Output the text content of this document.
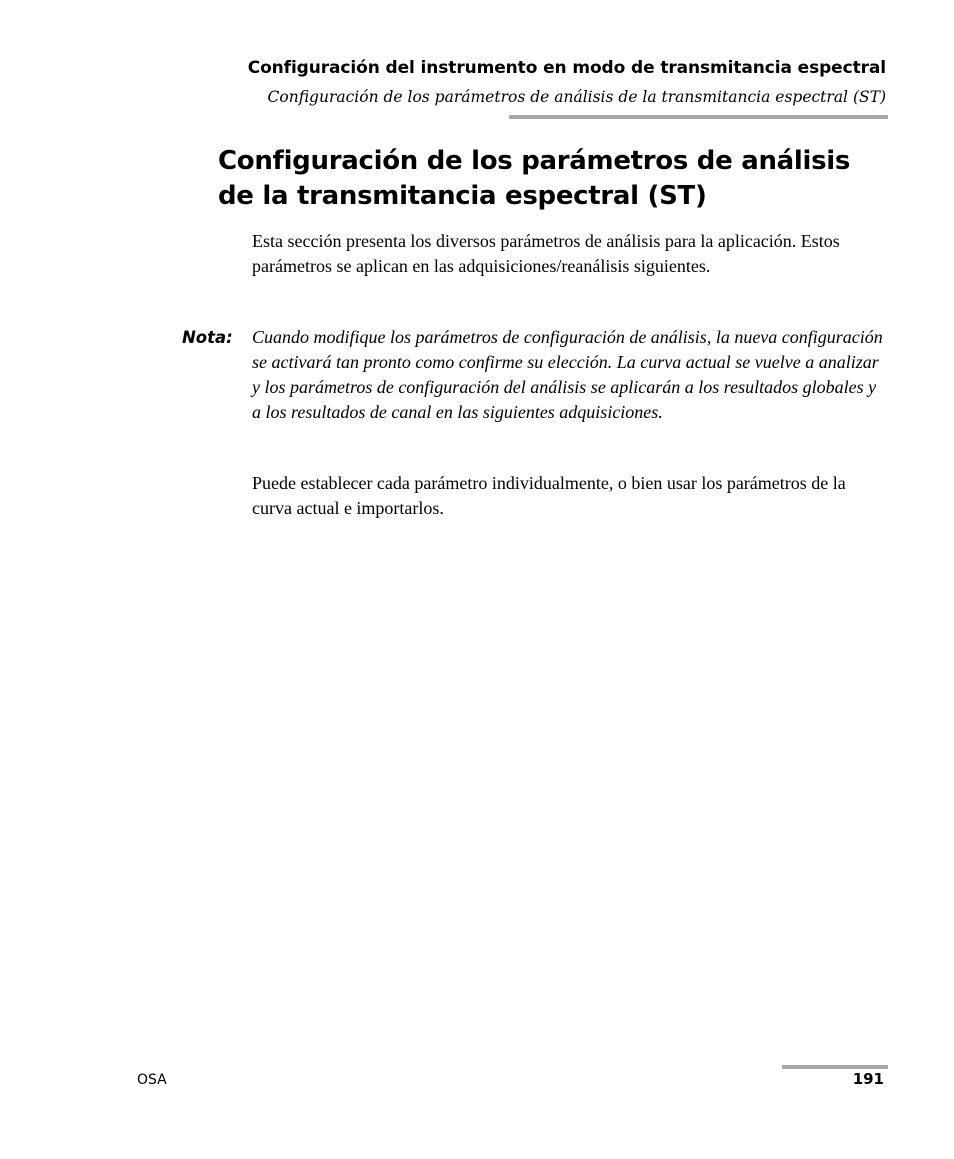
Configuración del instrumento en modo de transmitancia espectral
Configuración de los parámetros de análisis de la transmitancia espectral (ST)
Configuración de los parámetros de análisis
de la transmitancia espectral (ST)

Esta sección presenta los diversos parámetros de análisis para la aplicación. Estos parámetros se aplican en las adquisiciones/reanálisis siguientes.

Nota: Cuando modifique los parámetros de configuración de análisis, la nueva configuración se activará tan pronto como confirme su elección. La curva actual se vuelve a analizar y los parámetros de configuración del análisis se aplicarán a los resultados globales y a los resultados de canal en las siguientes adquisiciones.

Puede establecer cada parámetro individualmente, o bien usar los parámetros de la curva actual e importarlos.

OSA	191
